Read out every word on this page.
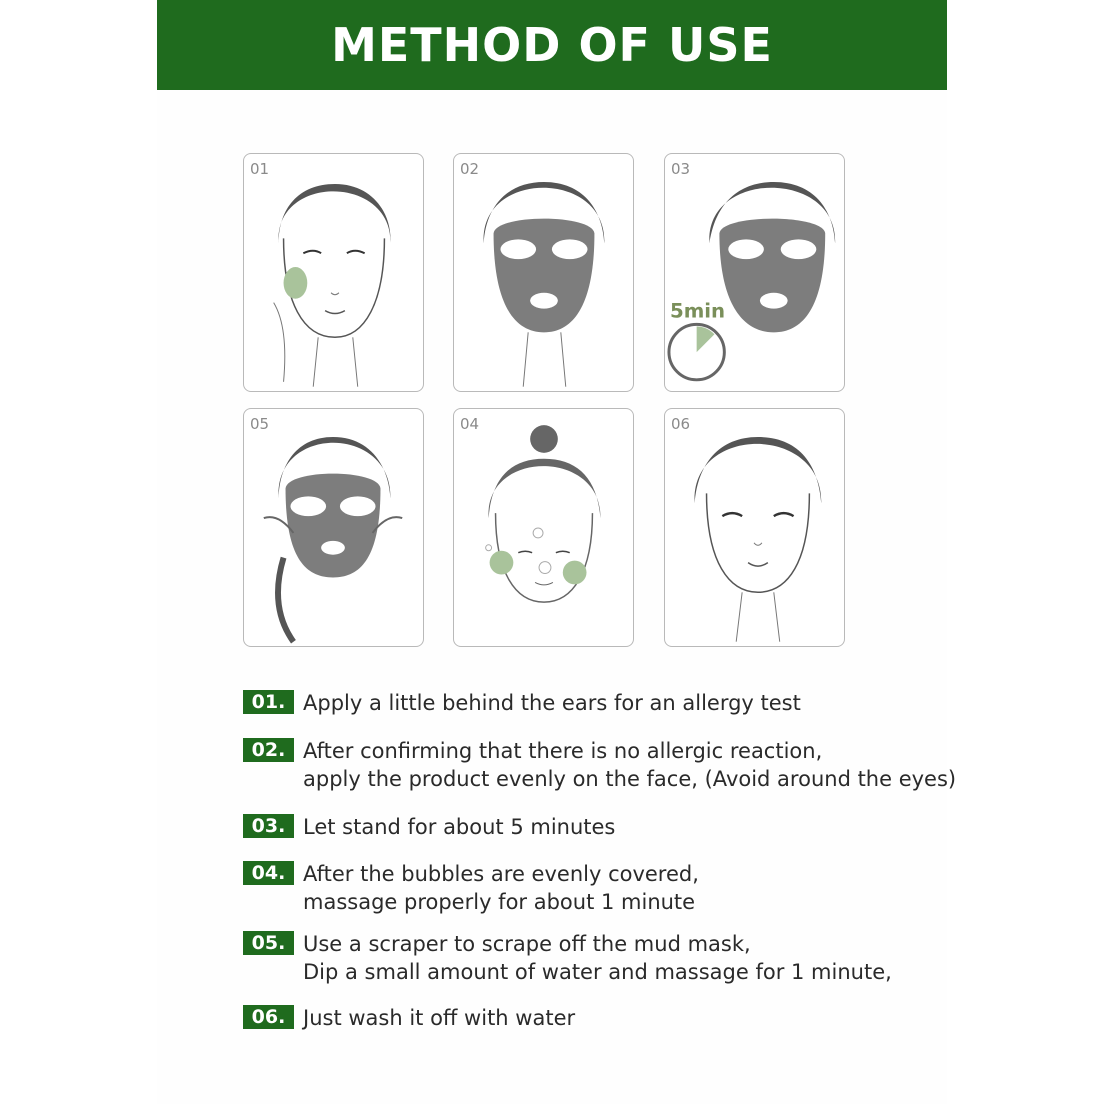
METHOD OF USE
01	02
5min
03
05	04	06
01. Apply a little behind the ears for an allergy test
02. After confirming that there is no allergic reaction,
apply the product evenly on the face, (Avoid around the eyes)
03. Let stand for about 5 minutes
04. After the bubbles are evenly covered,
massage properly for about 1 minute
05. Use a scraper to scrape off the mud mask,
Dip a small amount of water and massage for 1 minute,
06. Just wash it off with water
